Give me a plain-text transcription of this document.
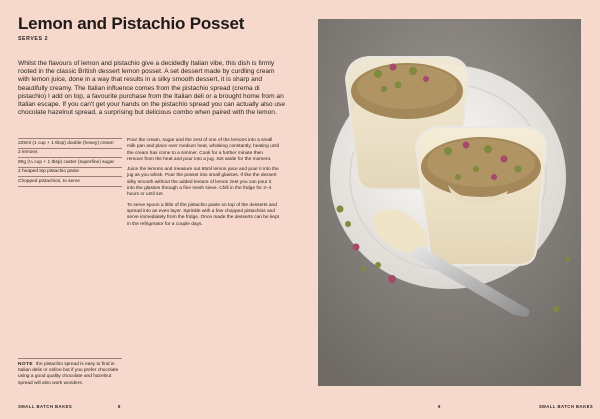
Lemon and Pistachio Posset
SERVES 2
Whilst the flavours of lemon and pistachio give a decidedly Italian vibe, this dish is firmly rooted in the classic British dessert lemon posset. A set dessert made by curdling cream with lemon juice, done in a way that results in a silky smooth dessert, it is sharp and beautifully creamy. The Italian influence comes from the pistachio spread (crema di pistachio) I add on top, a favourite purchase from the Italian deli or a brought home from an Italian escape. If you can't get your hands on the pistachio spread you can actually also use chocolate hazelnut spread, a surprising but delicious combo when paired with the lemon.
225ml (1 cup + 1 tbsp) double (heavy) cream
2 lemons
90g (¼ cup + 1 tbsp) caster (superfine) sugar
2 heaped tsp pistachio paste
Chopped pistachios, to serve

Pour the cream, sugar and the zest of one of the lemons into a small milk pan and place over medium heat, whisking constantly, heating until the cream has come to a simmer. Cook for a further minute then remove from the heat and pour into a jug. Set aside for the moment.

Juice the lemons and measure out 65ml lemon juice and pour it into the jug as you whisk. Pour the posset into small glasses. If like the dessert silky smooth without the added texture of lemon zest you can pour it into the glasses through a fine mesh sieve. Chill in the fridge for 2–4 hours or until set.

To serve spoon a little of the pistachio paste on top of the desserts and spread into an even layer. Sprinkle with a few chopped pistachios and serve immediately from the fridge. Once made the desserts can be kept in the refrigerator for a couple days.

NOTE the pistachio spread is easy to find in Italian delis or online but if you prefer chocolate using a good quality chocolate and hazelnut spread will also work wonders.
SMALL BATCH BAKES	8	9	SMALL BATCH BAKES
